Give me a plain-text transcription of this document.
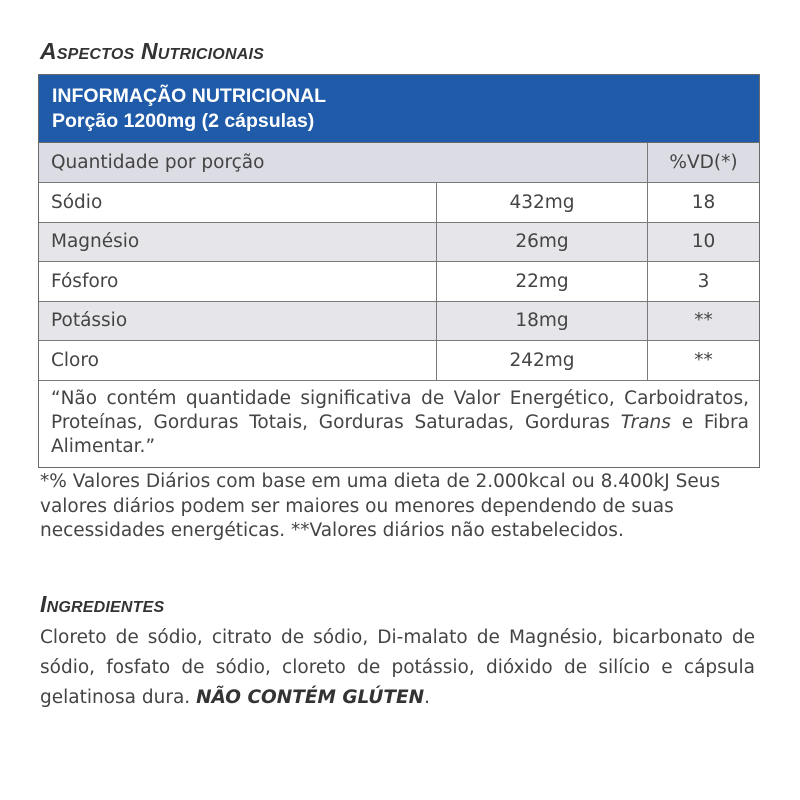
Aspectos Nutricionais
INFORMAÇÃO NUTRICIONAL
Porção 1200mg (2 cápsulas)
Quantidade por porção	%VD(*)
Sódio	432mg	18
Magnésio	26mg	10
Fósforo	22mg	3
Potássio	18mg	**
Cloro	242mg	**
“Não contém quantidade significativa de Valor Energético, Carboidratos, Proteínas, Gorduras Totais, Gorduras Saturadas, Gorduras Trans e Fibra Alimentar.”
*% Valores Diários com base em uma dieta de 2.000kcal ou 8.400kJ Seus valores diários podem ser maiores ou menores dependendo de suas necessidades energéticas. **Valores diários não estabelecidos.
Ingredientes
Cloreto de sódio, citrato de sódio, Di-malato de Magnésio, bicarbonato de sódio, fosfato de sódio, cloreto de potássio, dióxido de silício e cápsula gelatinosa dura. NÃO CONTÉM GLÚTEN.
